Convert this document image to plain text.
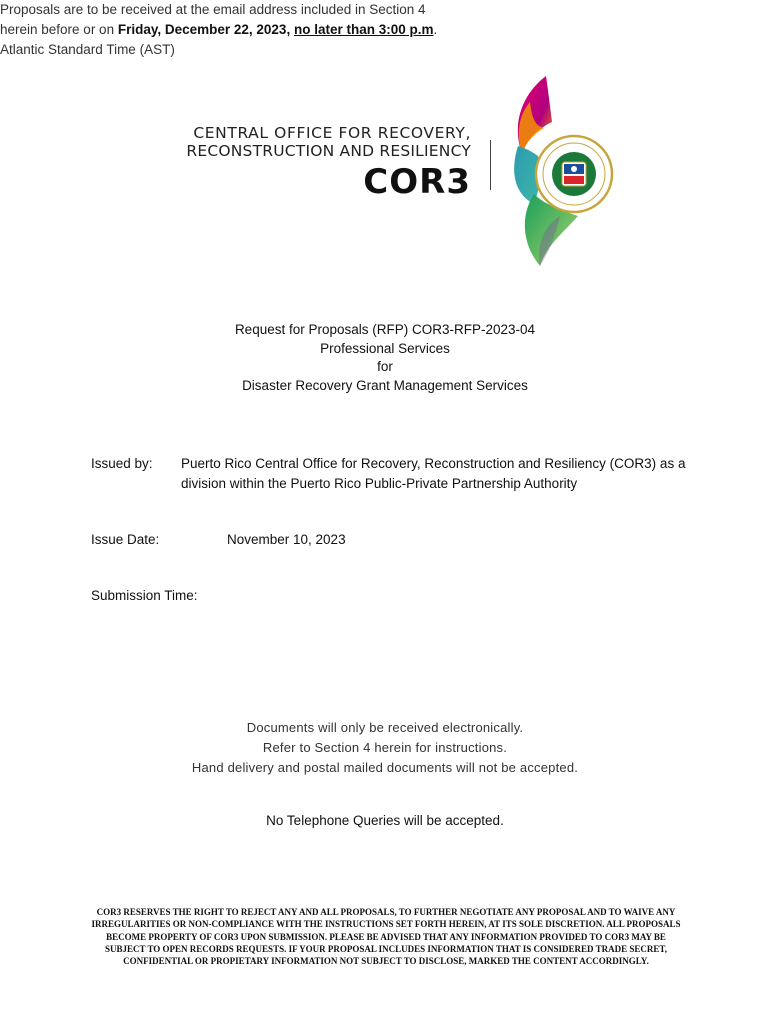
CENTRAL OFFICE FOR RECOVERY,
RECONSTRUCTION AND RESILIENCY
COR3
Request for Proposals (RFP) COR3-RFP-2023-04
Professional Services
for
Disaster Recovery Grant Management Services
Issued by: Puerto Rico Central Office for Recovery, Reconstruction and Resiliency (COR3) as a division within the Puerto Rico Public-Private Partnership Authority
Issue Date:	November 10, 2023
Submission Time:
Proposals are to be received at the email address included in Section 4 herein before or on Friday, December 22, 2023, no later than 3:00 p.m. Atlantic Standard Time (AST)
Documents will only be received electronically.
Refer to Section 4 herein for instructions.
Hand delivery and postal mailed documents will not be accepted.
No Telephone Queries will be accepted.
COR3 RESERVES THE RIGHT TO REJECT ANY AND ALL PROPOSALS, TO FURTHER NEGOTIATE ANY PROPOSAL AND TO WAIVE ANY IRREGULARITIES OR NON-COMPLIANCE WITH THE INSTRUCTIONS SET FORTH HEREIN, AT ITS SOLE DISCRETION. ALL PROPOSALS BECOME PROPERTY OF COR3 UPON SUBMISSION. PLEASE BE ADVISED THAT ANY INFORMATION PROVIDED TO COR3 MAY BE SUBJECT TO OPEN RECORDS REQUESTS. IF YOUR PROPOSAL INCLUDES INFORMATION THAT IS CONSIDERED TRADE SECRET, CONFIDENTIAL OR PROPIETARY INFORMATION NOT SUBJECT TO DISCLOSE, MARKED THE CONTENT ACCORDINGLY.
